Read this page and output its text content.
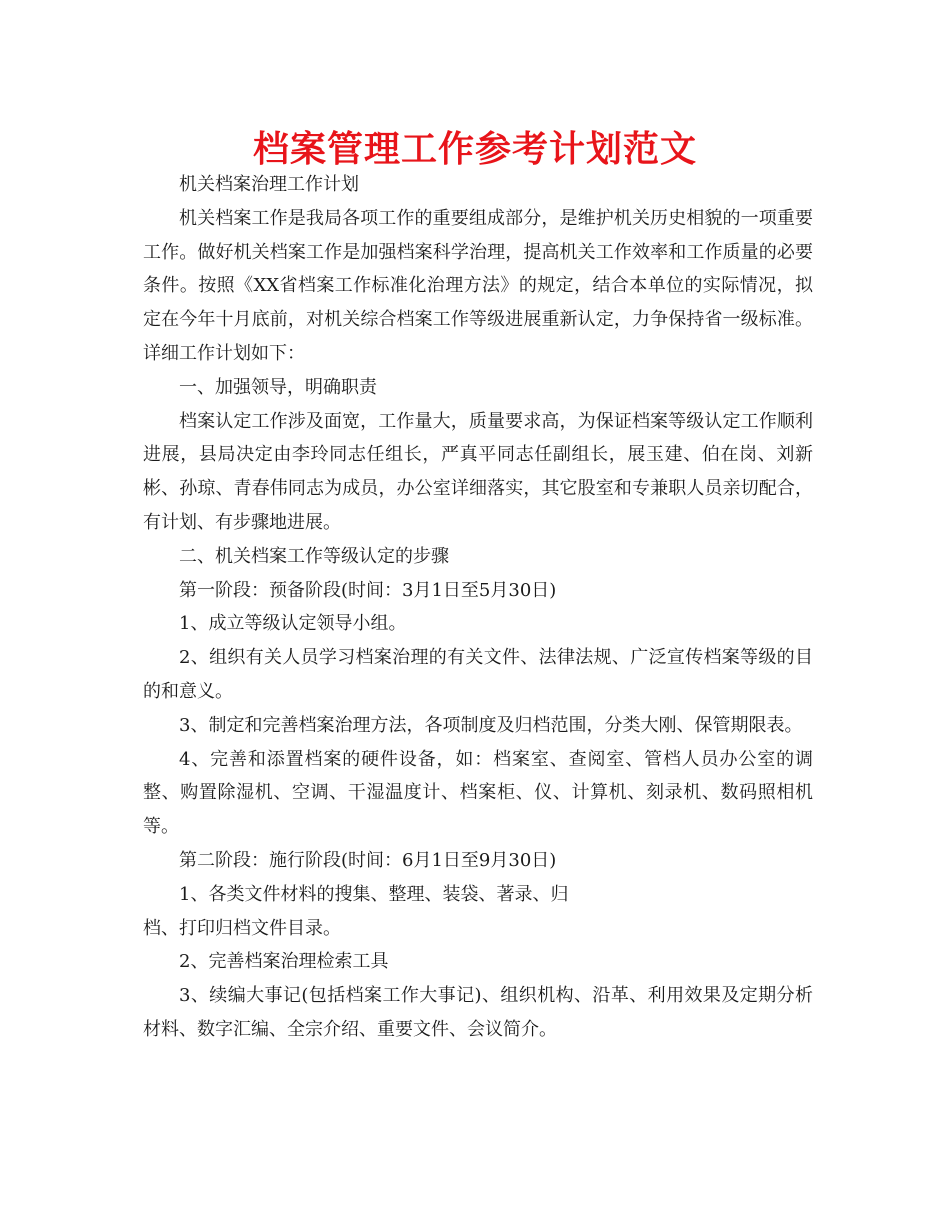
档案管理工作参考计划范文

机关档案治理工作计划

机关档案工作是我局各项工作的重要组成部分，是维护机关历史相貌的一项重要工作。做好机关档案工作是加强档案科学治理，提高机关工作效率和工作质量的必要条件。按照《XX省档案工作标准化治理方法》的规定，结合本单位的实际情况，拟定在今年十月底前，对机关综合档案工作等级进展重新认定，力争保持省一级标准。详细工作计划如下：

一、加强领导，明确职责

档案认定工作涉及面宽，工作量大，质量要求高，为保证档案等级认定工作顺利进展，县局决定由李玲同志任组长，严真平同志任副组长，展玉建、伯在岗、刘新彬、孙琼、青春伟同志为成员，办公室详细落实，其它股室和专兼职人员亲切配合，有计划、有步骤地进展。

二、机关档案工作等级认定的步骤

第一阶段：预备阶段(时间：3月1日至5月30日)

1、成立等级认定领导小组。

2、组织有关人员学习档案治理的有关文件、法律法规、广泛宣传档案等级的目的和意义。

3、制定和完善档案治理方法，各项制度及归档范围，分类大刚、保管期限表。

4、完善和添置档案的硬件设备，如：档案室、查阅室、管档人员办公室的调整、购置除湿机、空调、干湿温度计、档案柜、仪、计算机、刻录机、数码照相机等。

第二阶段：施行阶段(时间：6月1日至9月30日)

1、各类文件材料的搜集、整理、装袋、著录、归

档、打印归档文件目录。

2、完善档案治理检索工具

3、续编大事记(包括档案工作大事记)、组织机构、沿革、利用效果及定期分析材料、数字汇编、全宗介绍、重要文件、会议简介。
